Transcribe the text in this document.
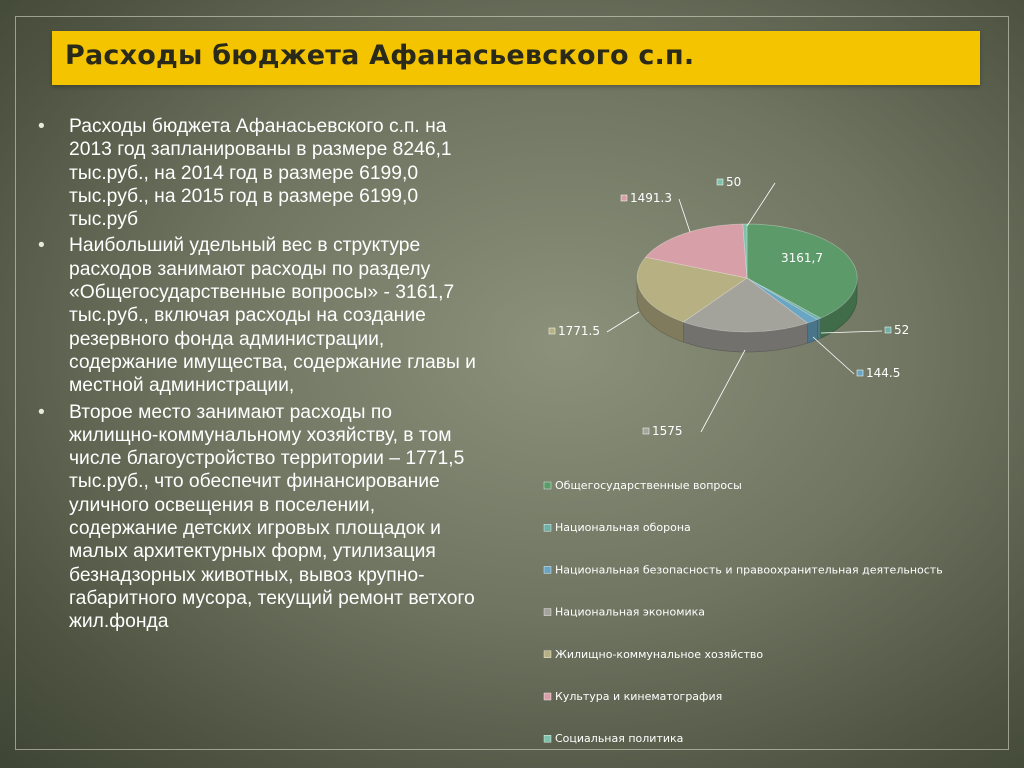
Расходы бюджета Афанасьевского с.п.
• Расходы бюджета Афанасьевского с.п. на 2013 год запланированы в размере 8246,1 тыс.руб., на 2014 год в размере 6199,0 тыс.руб., на 2015 год в размере 6199,0 тыс.руб
• Наибольший удельный вес в структуре расходов занимают расходы по разделу «Общегосударственные вопросы» - 3161,7 тыс.руб., включая расходы на создание резервного фонда администрации, содержание имущества, содержание главы и местной администрации,
• Второе место занимают расходы по жилищно-коммунальному хозяйству, в том числе благоустройство территории – 1771,5 тыс.руб., что обеспечит финансирование уличного освещения в поселении, содержание детских игровых площадок и малых архитектурных форм, утилизация безнадзорных животных, вывоз крупно-габаритного мусора, текущий ремонт ветхого жил.фонда
3161,7
52
144.5
1575
1771.5
1491.3
50
Общегосударственные вопросы
Национальная оборона
Национальная безопасность и правоохранительная деятельность
Национальная экономика
Жилищно-коммунальное хозяйство
Культура и кинематография
Социальная политика
